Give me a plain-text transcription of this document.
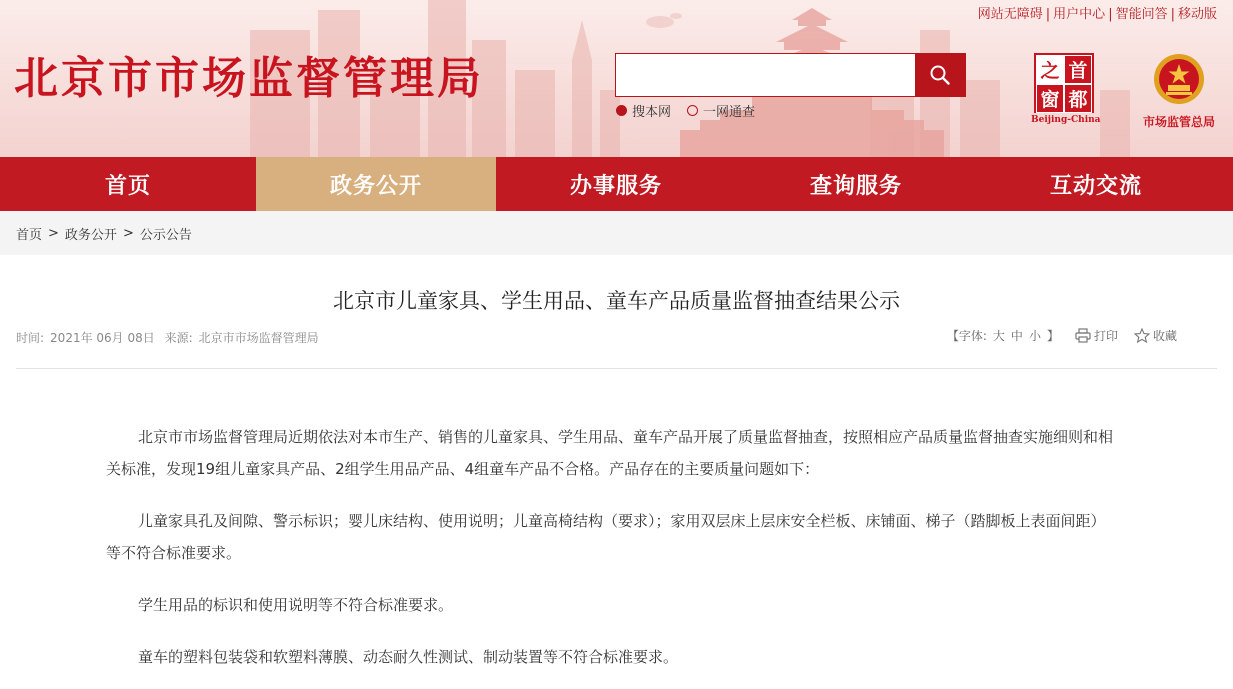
北京市市场监督管理局
网站无障碍 | 用户中心 | 智能问答 | 移动版
搜本网 一网通查
之 首
窗 都
Beijing-China	市场监管总局
首页	政务公开	办事服务	查询服务	互动交流
首页 > 政务公开 > 公示公告
北京市儿童家具、学生用品、童车产品质量监督抽查结果公示
时间: 2021年 06月 08日 来源: 北京市市场监督管理局	【字体: 大 中 小 】	打印	收藏

北京市市场监督管理局近期依法对本市生产、销售的儿童家具、学生用品、童车产品开展了质量监督抽查，按照相应产品质量监督抽查实施细则和相关标准，发现19组儿童家具产品、2组学生用品产品、4组童车产品不合格。产品存在的主要质量问题如下：

儿童家具孔及间隙、警示标识；婴儿床结构、使用说明；儿童高椅结构（要求）；家用双层床上层床安全栏板、床铺面、梯子（踏脚板上表面间距）等不符合标准要求。

学生用品的标识和使用说明等不符合标准要求。

童车的塑料包装袋和软塑料薄膜、动态耐久性测试、制动装置等不符合标准要求。
